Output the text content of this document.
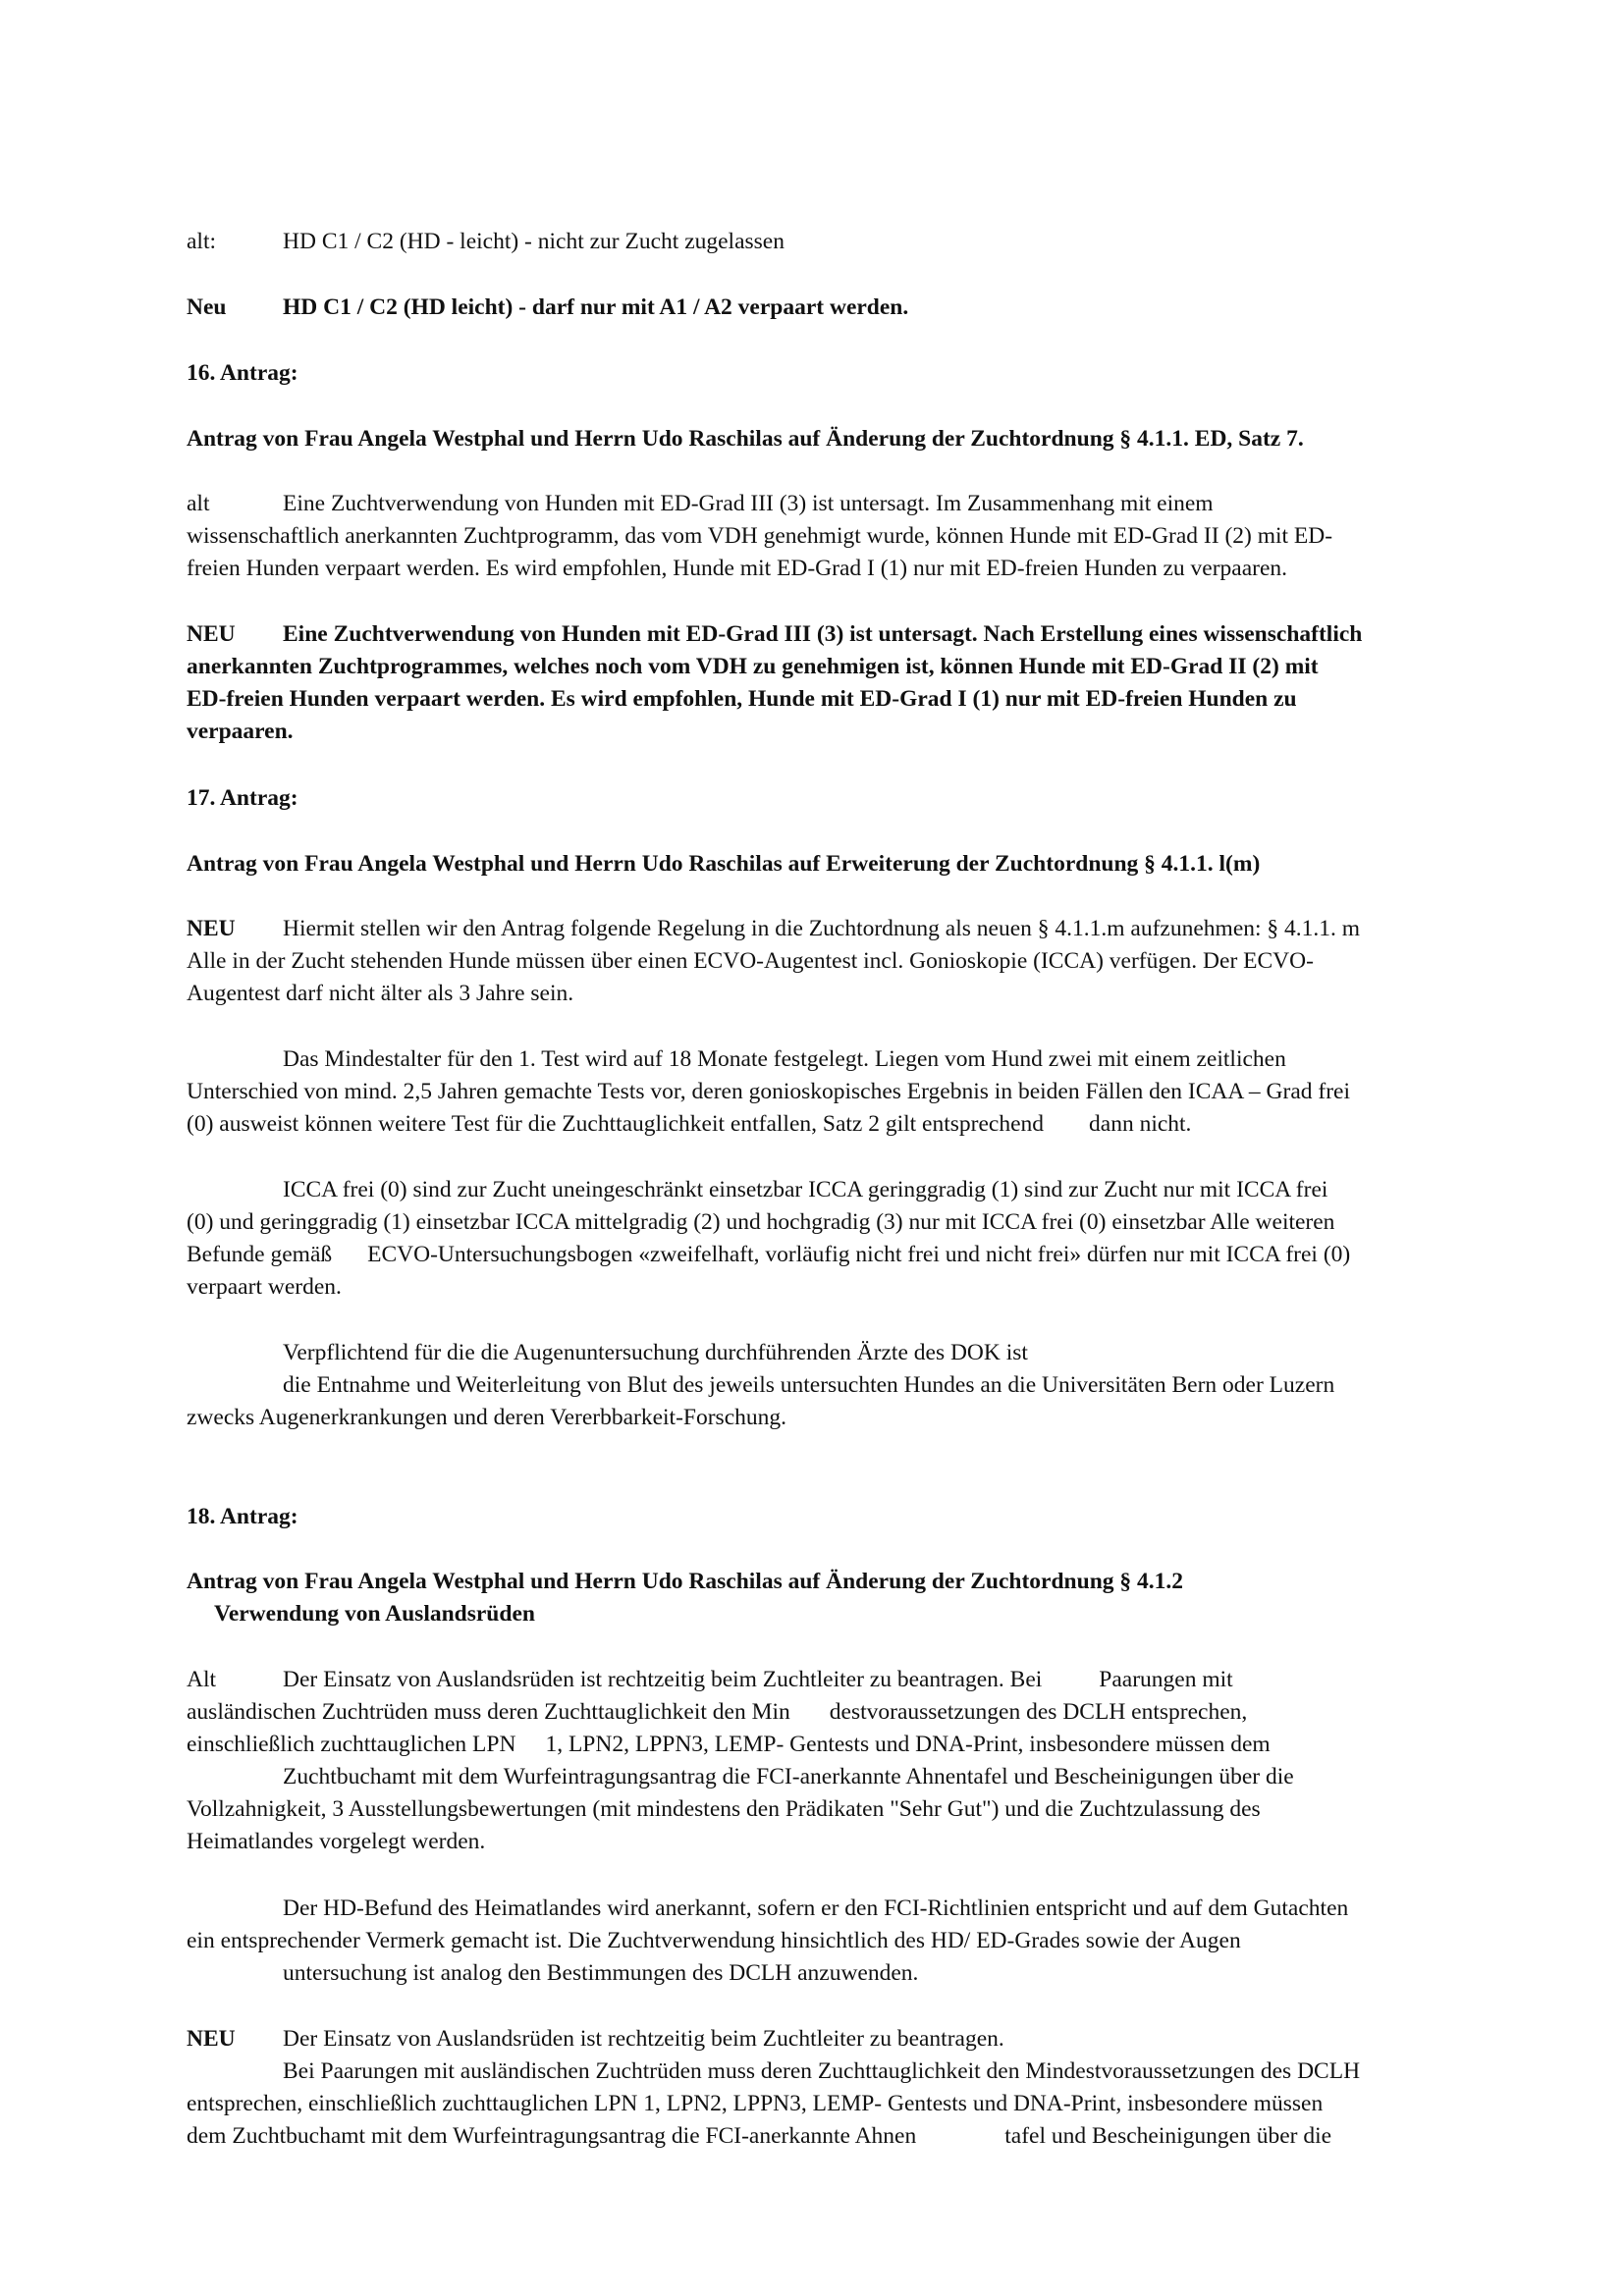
alt:	HD C1 / C2 (HD - leicht) - nicht zur Zucht zugelassen
Neu HD C1 / C2 (HD leicht) - darf nur mit A1 / A2 verpaart werden.
16. Antrag:
Antrag von Frau Angela Westphal und Herrn Udo Raschilas auf Änderung der Zuchtordnung § 4.1.1. ED, Satz 7.
alt	Eine Zuchtverwendung von Hunden mit ED-Grad III (3) ist untersagt. Im Zusammenhang mit einem
wissenschaftlich anerkannten Zuchtprogramm, das vom VDH genehmigt wurde, können Hunde mit ED-Grad II (2) mit ED-
freien Hunden verpaart werden. Es wird empfohlen, Hunde mit ED-Grad I (1) nur mit ED-freien Hunden zu verpaaren.
NEU Eine Zuchtverwendung von Hunden mit ED-Grad III (3) ist untersagt. Nach Erstellung eines wissenschaftlich
anerkannten Zuchtprogrammes, welches noch vom VDH zu genehmigen ist, können Hunde mit ED-Grad II (2) mit
ED-freien Hunden verpaart werden. Es wird empfohlen, Hunde mit ED-Grad I (1) nur mit ED-freien Hunden zu
verpaaren.
17. Antrag:
Antrag von Frau Angela Westphal und Herrn Udo Raschilas auf Erweiterung der Zuchtordnung § 4.1.1. l(m)
NEU Hiermit stellen wir den Antrag folgende Regelung in die Zuchtordnung als neuen § 4.1.1.m aufzunehmen: § 4.1.1. m
Alle in der Zucht stehenden Hunde müssen über einen ECVO-Augentest incl. Gonioskopie (ICCA) verfügen. Der ECVO-
Augentest darf nicht älter als 3 Jahre sein.
Das Mindestalter für den 1. Test wird auf 18 Monate festgelegt. Liegen vom Hund zwei mit einem zeitlichen
Unterschied von mind. 2,5 Jahren gemachte Tests vor, deren gonioskopisches Ergebnis in beiden Fällen den ICAA – Grad frei
(0) ausweist können weitere Test für die Zuchttauglichkeit entfallen, Satz 2 gilt entsprechend dann nicht.
ICCA frei (0) sind zur Zucht uneingeschränkt einsetzbar ICCA geringgradig (1) sind zur Zucht nur mit ICCA frei
(0) und geringgradig (1) einsetzbar ICCA mittelgradig (2) und hochgradig (3) nur mit ICCA frei (0) einsetzbar Alle weiteren
Befunde gemäß ECVO-Untersuchungsbogen «zweifelhaft, vorläufig nicht frei und nicht frei» dürfen nur mit ICCA frei (0)
verpaart werden.
Verpflichtend für die die Augenuntersuchung durchführenden Ärzte des DOK ist
die Entnahme und Weiterleitung von Blut des jeweils untersuchten Hundes an die Universitäten Bern oder Luzern
zwecks Augenerkrankungen und deren Vererbbarkeit-Forschung.
18. Antrag:
Antrag von Frau Angela Westphal und Herrn Udo Raschilas auf Änderung der Zuchtordnung § 4.1.2
Verwendung von Auslandsrüden
Alt	Der Einsatz von Auslandsrüden ist rechtzeitig beim Zuchtleiter zu beantragen. Bei Paarungen mit
ausländischen Zuchtrüden muss deren Zuchttauglichkeit den Min destvoraussetzungen des DCLH entsprechen,
einschließlich zuchttauglichen LPN 1, LPN2, LPPN3, LEMP- Gentests und DNA-Print, insbesondere müssen dem
Zuchtbuchamt mit dem Wurfeintragungsantrag die FCI-anerkannte Ahnentafel und Bescheinigungen über die
Vollzahnigkeit, 3 Ausstellungsbewertungen (mit mindestens den Prädikaten "Sehr Gut") und die Zuchtzulassung des
Heimatlandes vorgelegt werden.
Der HD-Befund des Heimatlandes wird anerkannt, sofern er den FCI-Richtlinien entspricht und auf dem Gutachten
ein entsprechender Vermerk gemacht ist. Die Zuchtverwendung hinsichtlich des HD/ ED-Grades sowie der Augen
untersuchung ist analog den Bestimmungen des DCLH anzuwenden.
NEU Der Einsatz von Auslandsrüden ist rechtzeitig beim Zuchtleiter zu beantragen.
Bei Paarungen mit ausländischen Zuchtrüden muss deren Zuchttauglichkeit den Mindestvoraussetzungen des DCLH
entsprechen, einschließlich zuchttauglichen LPN 1, LPN2, LPPN3, LEMP- Gentests und DNA-Print, insbesondere müssen
dem Zuchtbuchamt mit dem Wurfeintragungsantrag die FCI-anerkannte Ahnen	tafel und Bescheinigungen über die
